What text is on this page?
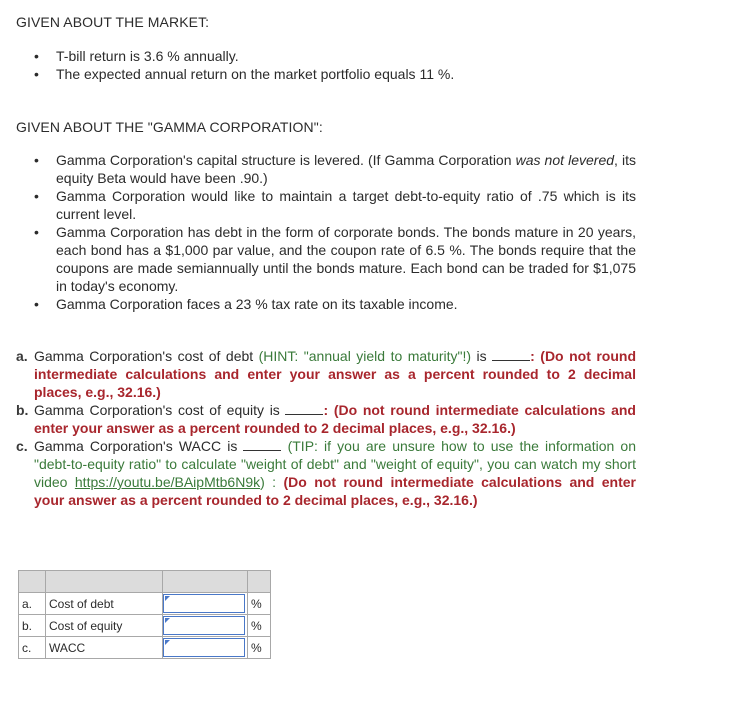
GIVEN ABOUT THE MARKET:
• T-bill return is 3.6 % annually.
• The expected annual return on the market portfolio equals 11 %.
GIVEN ABOUT THE "GAMMA CORPORATION":
• Gamma Corporation's capital structure is levered. (If Gamma Corporation was not levered, its equity Beta would have been .90.)
• Gamma Corporation would like to maintain a target debt-to-equity ratio of .75 which is its current level.
• Gamma Corporation has debt in the form of corporate bonds. The bonds mature in 20 years, each bond has a $1,000 par value, and the coupon rate of 6.5 %. The bonds require that the coupons are made semiannually until the bonds mature. Each bond can be traded for $1,075 in today's economy.
• Gamma Corporation faces a 23 % tax rate on its taxable income.
a. Gamma Corporation's cost of debt (HINT: "annual yield to maturity"!) is	: (Do not round intermediate calculations and enter your answer as a percent rounded to 2 decimal places, e.g., 32.16.)
b. Gamma Corporation's cost of equity is	: (Do not round intermediate calculations and enter your answer as a percent rounded to 2 decimal places, e.g., 32.16.)
c. Gamma Corporation's WACC is	(TIP: if you are unsure how to use the information on "debt-to-equity ratio" to calculate "weight of debt" and "weight of equity", you can watch my short video https://youtu.be/BAipMtb6N9k) : (Do not round intermediate calculations and enter your answer as a percent rounded to 2 decimal places, e.g., 32.16.)

a.	Cost of debt		%
b.	Cost of equity		%
c.	WACC		%
